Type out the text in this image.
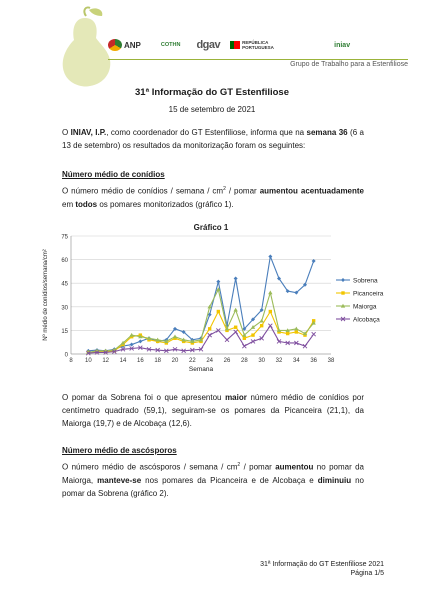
ANP	COTHN dgav	REPÚBLICA PORTUGUESA	iniav
Grupo de Trabalho para a Estenfiliose
31ª Informação do GT Estenfiliose
15 de setembro de 2021
O INIAV, I.P., como coordenador do GT Estenfiliose, informa que na semana 36 (6 a 13 de setembro) os resultados da monitorização foram os seguintes:
Número médio de conídios
O número médio de conídios / semana / $cm^2$ / pomar aumentou acentuadamente em todos os pomares monitorizados (gráfico 1).
0
15
30
45
60
75
8 10 12 14 16 18 20 22 24 26 28 30 32 34 36 38
Gráfico 1
Semana
Nº médio de conídios/semana/cm²	Sobrena
Picanceira
Maiorga
Alcobaça
O pomar da Sobrena foi o que apresentou maior número médio de conídios por centímetro quadrado (59,1), seguiram-se os pomares da Picanceira (21,1), da Maiorga (19,7) e de Alcobaça (12,6).
Número médio de ascósporos
O número médio de ascósporos / semana / $cm^2$ / pomar aumentou no pomar da Maiorga, manteve-se nos pomares da Picanceira e de Alcobaça e diminuiu no pomar da Sobrena (gráfico 2).
31ª Informação do GT Estenfiliose 2021
Página 1/5
